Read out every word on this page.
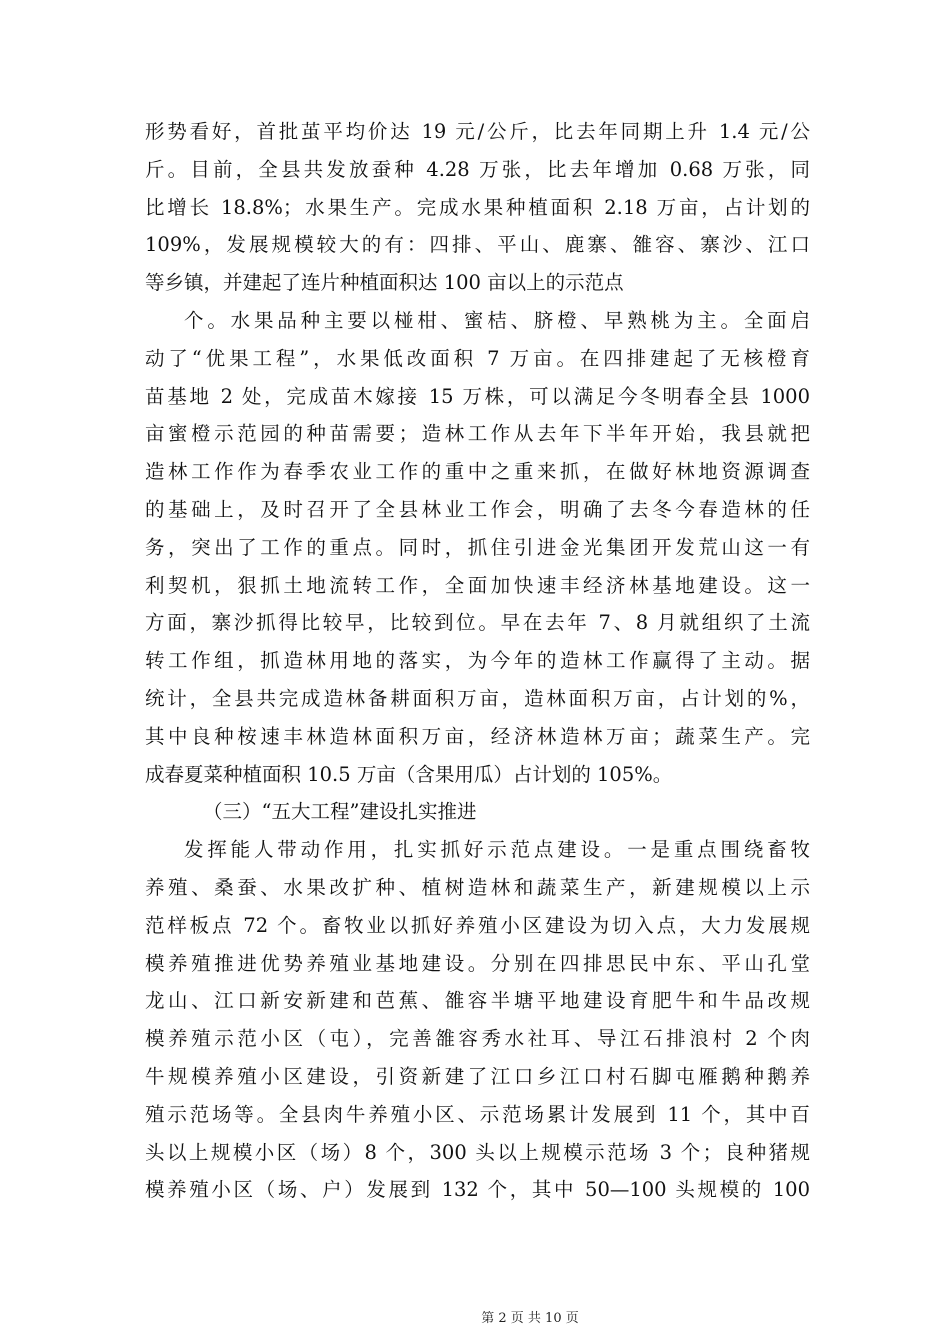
形势看好，首批茧平均价达 19 元/公斤，比去年同期上升 1.4 元/公
斤。目前，全县共发放蚕种 4.28 万张，比去年增加 0.68 万张，同
比增长 18.8%；水果生产。完成水果种植面积 2.18 万亩，占计划的
109%，发展规模较大的有：四排、平山、鹿寨、雒容、寨沙、江口
等乡镇，并建起了连片种植面积达 100 亩以上的示范点
个。水果品种主要以椪柑、蜜桔、脐橙、早熟桃为主。全面启
动了“优果工程”，水果低改面积 7 万亩。在四排建起了无核橙育
苗基地 2 处，完成苗木嫁接 15 万株，可以满足今冬明春全县 1000
亩蜜橙示范园的种苗需要；造林工作从去年下半年开始，我县就把
造林工作作为春季农业工作的重中之重来抓，在做好林地资源调查
的基础上，及时召开了全县林业工作会，明确了去冬今春造林的任
务，突出了工作的重点。同时，抓住引进金光集团开发荒山这一有
利契机，狠抓土地流转工作，全面加快速丰经济林基地建设。这一
方面，寨沙抓得比较早，比较到位。早在去年 7、8 月就组织了土流
转工作组，抓造林用地的落实，为今年的造林工作赢得了主动。据
统计，全县共完成造林备耕面积万亩，造林面积万亩，占计划的%，
其中良种桉速丰林造林面积万亩，经济林造林万亩；蔬菜生产。完
成春夏菜种植面积 10.5 万亩（含果用瓜）占计划的 105%。
（三）“五大工程”建设扎实推进
发挥能人带动作用，扎实抓好示范点建设。一是重点围绕畜牧
养殖、桑蚕、水果改扩种、植树造林和蔬菜生产，新建规模以上示
范样板点 72 个。畜牧业以抓好养殖小区建设为切入点，大力发展规
模养殖推进优势养殖业基地建设。分别在四排思民中东、平山孔堂
龙山、江口新安新建和芭蕉、雒容半塘平地建设育肥牛和牛品改规
模养殖示范小区（屯），完善雒容秀水社耳、导江石排浪村 2 个肉
牛规模养殖小区建设，引资新建了江口乡江口村石脚屯雁鹅种鹅养
殖示范场等。全县肉牛养殖小区、示范场累计发展到 11 个，其中百
头以上规模小区（场）8 个，300 头以上规模示范场 3 个；良种猪规
模养殖小区（场、户）发展到 132 个，其中 50—100 头规模的 100
第 2 页 共 10 页
